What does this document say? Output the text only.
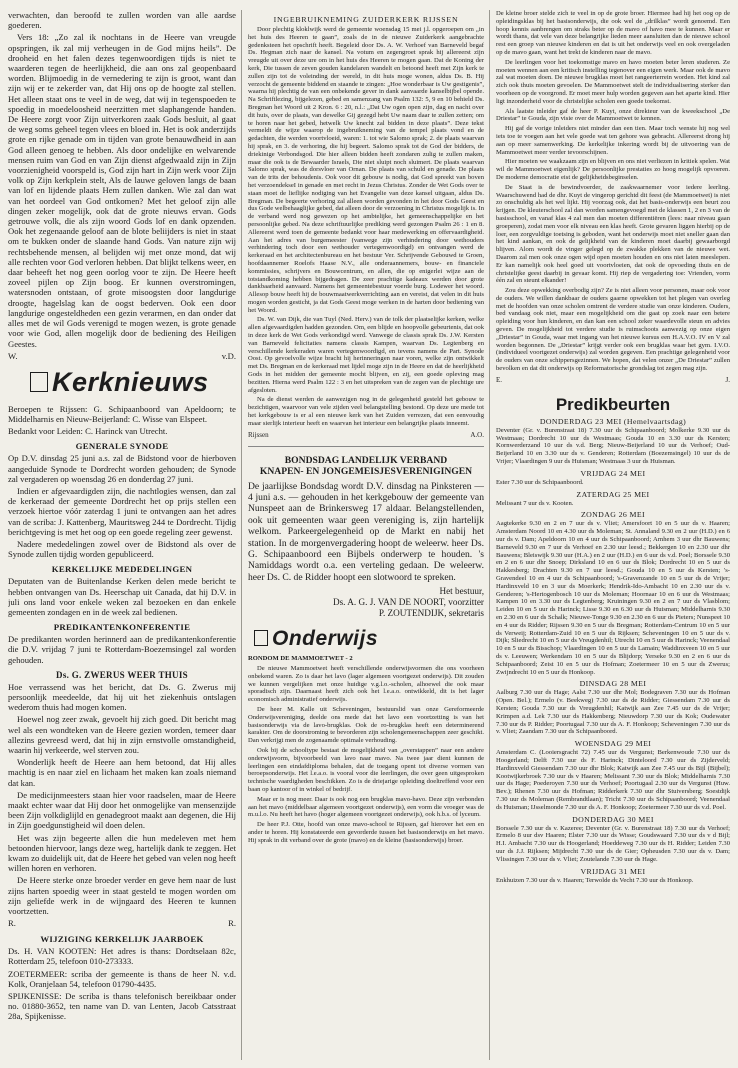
verwachten, dan beroofd te zullen worden van alle aardse goederen.

Vers 18: „Zo zal ik nochtans in de Heere van vreugde opspringen, ik zal mij verheugen in de God mijns heils”. De drooheid en het falen dezes tegenwoordigen tijds is niet te waarderen tegen de heerlijkheid, die aan ons zal geopenbaard worden. Blijmoedig in de vernedering te zijn is groot, want dan zijn wij er te zekerder van, dat Hij ons op de hoogte zal stellen. Het alleen staat ons te veel in de weg, dat wij in tegenspoeden te spoedig in moedeloosheid neerzitten met slaphangende handen. De Heere zorgt voor Zijn uitverkoren zaak Gods besluit, al gaat de weg soms geheel tegen vlees en bloed in. Het is ook anderzijds grote en rijke genade om in tijden van grote benauwdheid in aan God alleen genoeg te hebben. Als door ondelijke en welvarende mensen ruim van God en van Zijn dienst afgedwaald zijn in Zijn voorzienigheid voorspeld is, God zijn hart in Zijn werk voor Zijn volk op Zijn kerkplein stelt, Als de lauwe geloven langs de baan van lof en lijdende plaats Hem zullen danken. Wie zal dan wat van het oordeel van God ontkomen? Met het geloof zijn alle dingen zeker mogelijk, ook dat de grote nieuws ervan. Gods getrouwe volk, die als zijn woord Gods lof en dank opzenden. Ook het zegenaande geloof aan de blote beliijders is niet in staat om te bukken onder de slaande hand Gods. Van nature zijn wij rechtsbehende mensen, al belijden wij met onze mond, dat wij alle rechten voor God verloren hebben. Dat blijkt telkens weer, en daar beheeft het nog geen oorlog voor te zijn. De Heere heeft zoveel pijlen op Zijn boog. Er kunnen overstromingen, watersnoden ontstaan, of grote misoogsten door langdurige droogte, hagelslag kan de oogst bederven. Ook een door langdurige ongesteldheden een gezin verarmen, en dan onder dat alles met de wil Gods verenigd te mogen wezen, is grote genade voor wie God, allen mogelijk door de bediening des Heiligen Geestes.

W.	v.D.
Kerknieuws

Beroepen te Rijssen: G. Schipaanboord van Apeldoorn; te Middelharnis en Nieuw-Beijerland: C. Wisse van Elspeet.

Bedankt voor Leiden: C. Harinck van Utrecht.

GENERALE SYNODE

Op D.V. dinsdag 25 juni a.s. zal de Bidstond voor de hierboven aangeduide Synode te Dordrecht worden gehouden; de Synode zal vergaderen op woensdag 26 en donderdag 27 juni.

Indien er afgevaardigden zijn, die nachtlogies wensen, dan zal de kerkeraad der gemeente Dordrecht het op prijs stellen een verzoek hiertoe vóór zaterdag 1 juni te ontvangen aan het adres van de scriba: J. Kattenberg, Mauritsweg 244 te Dordrecht. Tijdig berichtgeving is met het oog op een goede regeling zeer gewenst.

Nadere mededelingen zowel over de Bidstond als over de Synode zullen tijdig worden gepubliceerd.

KERKELIJKE MEDEDELINGEN

Deputaten van de Buitenlandse Kerken delen mede bericht te hebben ontvangen van Ds. Heerschap uit Canada, dat hij D.V. in juli ons land voor enkele weken zal bezoeken en dan enkele gemeenten zondagen en in de week zal bedienen.

PREDIKANTENKONFERENTIE

De predikanten worden herinnerd aan de predikantenkonferentie die D.V. vrijdag 7 juni te Rotterdam-Boezemsingel zal worden gehouden.

Ds. G. ZWERUS WEER THUIS

Hoe verrassend was het bericht, dat Ds. G. Zwerus mij persoonlijk meedeelde, dat hij uit het ziekenhuis ontslagen wederom thuis had mogen komen.

Hoewel nog zeer zwak, gevoelt hij zich goed. Dit bericht mag wel als een wondteken van de Heere gezien worden, temeer daar allezins gevreesd werd, dat hij in zijn ernstvolle omstandigheid, waarin hij verkeerde, wel sterven zou.

Wonderlijk heeft de Heere aan hem betoond, dat Hij alles machtig is en naar ziel en lichaam het maken kan zoals niemand dat kan.

De medicijnmeesters staan hier voor raadselen, maar de Heere maakt echter waar dat Hij door het onmogelijke van mensenzijde been Zijn volkdiglijld en genadegroot maakt aan degenen, die Hij in Zijn goedgunstigheid wil doen delen.

Het was zijn begeerte allen die hun medeleven met hem betoonden hiervoor, langs deze weg, hartelijk dank te zeggen. Het kwam zo duidelijk uit, dat de Heere het gebed van velen nog heeft willen horen en verhoren.

De Heere sterke onze broeder verder en geve hem naar de lust zijns harten spoedig weer in staat gesteld te mogen worden om zijn geliefde werk in de wijngaard des Heeren te kunnen voortzetten.

R.	R.
WIJZIGING KERKELIJK JAARBOEK

Ds. H. VAN KOOTEN: Het adres is thans: Dordtselaan 82c, Rotterdam 25, telefoon 010-273333.

ZOETERMEER: scriba der gemeente is thans de heer N. v.d. Kolk, Oranjelaan 54, telefoon 01790-4435.

SPIJKENISSE: De scriba is thans telefonisch bereikbaar onder no. 01880-3652, ten name van D. van Lenten, Jacob Catsstraat 28a, Spijkenisse.

INGEBRUIKNEMING ZUIDERKERK RIJSSEN

Door plechtig kloklwijk werd de gemeente woensdag 15 mei j.l. opgeroepen om „in het huis des Heeren te gaan”, zoals de in de nieuwe Zuiderkerk aangebrachte gedenksteen het opschrift heeft. Begeleid door Ds. A. W. Verhoef van Barneveld begaf Ds. Hegman zich naar de kansel. Na votum en zegengroet sprak hij allereerst zijn vreugde uit over deze ure om in het huis des Heeren te mogen gaan. Dat de Koning der kerk, Die tussen de zeven gouden kandelaren wandelt en betoond heeft met Zijn kerk te zullen zijn tot de voleinding der wereld, in dit huis moge wonen, aldus Ds. B. Hij verzocht de gemeente biddend en staande te zingen: „Hoe wonderbaar is Uw gestigenis”, waarna hij plechtig de van een onbekende gever in dank aanvaarde kanselbijbel opende. Na Schriftlezing, bijgelezen, gebed en samenzang van Psalm 132: 5, 9 en 10 behield Ds. Bregman het Woord uit 2 Kron. 6 : 20, n.l.: „Dat Uw ogen open zijn, dag en nacht over dit huis, over de plaats, van dewelke Gij gezegd hebt Uw naam daar te zullen zetten; om te horen naar het gebed, hetwelk Uw knecht zal bidden in deze plaats”. Deze tekst vermeldt de wijze waarop de ingebruikneming van de tempel plaats vond en de gedachten, die werden voortvloeid, waren: 1. tot wie Salomo sprak; 2. de plaats waarvan hij sprak, en 3. de verhoring, die hij begeert. Salomo sprak tot de God der bidders, de driekinige Verbondsgod. Die hier alleen bidden heeft zondaren zulig te zullen maken, maar die ook is de Bewaarder Israels, Die niet sluipt noch sluimert. De plaats waarvan Salomo sprak, was de dorsvloer van Ornan. De plaats van schuld en genade. De plaats van de trits der behoudenis. Ook voor dit gebouw is nodig, dat God spreekt van boven het verzoendekseI in genade en met recht in Jezus Christus. Zonder de Wet Gods over te staan moet de lieflijke nodiging van het Evangelie van deze kansel uitgaan, aldus Ds. Bregman. De begeerte verhoring zal alleen worden gevonden in het door Gods Geest en dus Gode welbehaaglijke gebed, dat alleen door de verzoening in Christus mogelijk is. In de verband werd nog gewezen op het ambtelijke, het gemeenschappelijke en het persoonlijke gebed. Na deze schriftuurlijke prediking werd gezongen Psalm 26 : 1 en 8. Allereerst werd toen de gemeente bedankt voor haar medewerking en offervaardigheid. Aan het adres van burgemeester (vanwege zijn verhindering door wethouders verhindering toch door een wethouder vertegenwoordigd) en ontvangen werd de kerkeraad en het architectenbureau en het bestuur Ver. Schrijvende Gebouwd te Groen, hoofdaannemer Roelofs Haase N.V., alle onderaannemers, bouw- en financiele kommissies, schrijvers en Bouwcentrum, en allen, die op enigerlei wijze aan de totstandkoming hebben bijgedragen. De zeer prachtige kadeaux werden door grote dankbaarheid aanvaard. Namens het gemeentebestuur voerde burg. Lodewer het woord. Allesop bouw heeft hij de bouwmaatwerkverrichting aan en vereist, dat velen in dit huis mogen worden gesticht, ja dat Gods Geest moge werken in de harten door bediening van het Woord.

Ds. W. van Dijk, die van Tuyl (Ned. Herv.) van de tolk der plaatselijke kerken, welke allen afgevaardigden hadden gezonden. Om, een blijde en hoopvolle gebeurtenis, dat ook in deze kerk de Wet Gods verkondigd werd. Vanwege de classis sprak Ds. J.W. Kersten van Barneveld felicitaties namens classis Kampen, waarvan Ds. Legtenberg en verschillende kerkeraden waren vertegenwoordigd, en tevens namens de Part. Synode Oost. Op gevoelvolle wijze bracht hij herinneringen naar voren, welke zijn ontwikkelt met Ds. Bregman en de kerkeraad met lijdel moge zijn in de Heere en dat de heerlijkheid Gods in het midden der gemeente mocht blijven, en zij, een goede opleving mag bezitten. Hierna werd Psalm 122 : 3 en het uitspreken van de zegen van de plechtige ure afgesloten.

Na de dienst werden de aanwezigen nog in de gelegenheid gesteld het gebouw te bezichtigen, waarvoor van vele zijden veel belangstelling bestond. Op deze ure mede tot het kerkgebouw is er al een nieuwe kerk van het Zuiden verrezen, dat een eenvoudig maar sierlijk interieur heeft en waarvan het interieur een belangrijke plaats inneemt.

Rijssen	A.O.
BONDSDAG LANDELIJK VERBAND
KNAPEN- EN JONGEMEISJESVERENIGINGEN
De jaarlijkse Bondsdag wordt D.V. dinsdag na Pinksteren — 4 juni a.s. — gehouden in het kerkgebouw der gemeente van Nunspeet aan de Brinkersweg 17 aldaar. Belangstellenden, ook uit gemeenten waar geen vereniging is, zijn hartelijk welkom. Parkeergelegenheid op de Markt en nabij het station. In de morgenvergadering hoopt de weleerw. heer Ds. G. Schipaanboord een Bijbels onderwerp te houden. 's Namiddags wordt o.a. een verteling gedaan. De weleerw. heer Ds. C. de Ridder hoopt een slotwoord te spreken.
Het bestuur,
Ds. A. G. J. VAN DE NOORT, voorzitter
P. ZOUTENDIJK, sekretaris
Onderwijs
RONDOM DE MAMMOETWET - 2

De nieuwe Mammoetwet heeft verschillende onderwijsvormen die ons voorheen onbekend waren. Zo is daar het lavo (lager algemeen voortgezet onderwijs). Dit zouden we kunnen vergelijken met onze huidige v.g.l.o.-scholen, alhoewel die ook maar sporadisch zijn. Daarnaast heeft zich ook het l.e.a.o. ontwikkeld, dit is het lager economisch administratief onderwijs.

De heer M. Kalle uit Scheveningen, bestuurslid van onze Gereformeerde Onderwijsvereniging, deelde ons mede dat het lavo een voortzetting is van het basisonderwijs via de lavo-brugklas. Ook de ro-brugklas heeft een determinerend karakter. Om de doorstroming te bevorderen zijn scholengemeenschappen zeer geschikt. Dan verkrijgt men de zogenaamde optimale verhouding.

Ook bij de schooltype bestaat de mogelijkheid van „overstappen” naar een andere onderwijsvorm, bijvoorbeeld van lavo naar mavo. Na twee jaar dient kunnen de leerlingen een eindafdiploma behalen, dat de toegang opent tot diverse vormen van beroepsonderwijs. Het l.e.a.o. is vooral voor die leerlingen, die over geen uitgesproken technische vaardigheden beschikken. Zo is de driejarige opleiding doeltreffend voor een baan op kantoor of in winkel of bedrijf.

Maar er is nog meer. Daar is ook nog een brugklas mavo-havo. Deze zijn verbonden aan het mavo (middelbaar algemeen voortgezet onderwijs), een vorm die vroeger was de m.u.l.o. Nu heeft het havo (hoger algemeen voortgezet onderwijs), ook h.b.s. of lyceum.

De heer P.J. Otte, hoofd van onze mavo-school te Rijssen, gaf hierover het een en ander te horen. Hij konstateerde een gevorderde tussen het basisonderwijs en het mavo. Hij sprak in dit verband over de grote (mavo) en de kleine (basisonderwijs) broer.

De kleine broer stelde zich te veel in op de grote broer. Hiermee had hij het oog op de opleidingsklas bij het basisonderwijs, die ook wel de „drilklas” wordt genoemd. Een hoop kennis aanbrengen om straks beter op de mavo of havo mee te kunnen. Maar er wordt thans, dat vele van deze belangrijke lieden meer aansluiten dan de nieuwe school rest een groep van nieuwe kinderen en dat is uit het onderwijs veel en ook overgeladen op de mavo gaan, want het trekt de kinderen naar de mavo.

De leerlingen voor het toekomstige mavo en havo moeten beter leren studeren. Ze moeten wennen aan een kritisch instelling tegenover een eigen werk. Maar ook de mavo zal wat moeten doen. De nieuwe brugklas moet het rangeerterrein worden. Het kind zal zich ook thuis moeten gevoelen. De Mammoetwet stelt de individualisering sterker dan voorheen op de voorgrond. Er moet meer hulp worden gegeven aan het aparte kind. Hier ligt inzonderheid voor de christelijke scholen een goede toekomst.

Als laatste inleider gaf de heer P. Kuyt, onze direkteur van de kweekschool „De Driestar” te Gouda, zijn visie over de Mammoetwet te kennen.

Hij gaf de vorige inleiders niet minder dan een tien. Maar toch wenste hij nog wel iets toe te voegen aan het vele goede wat ten gehore was gebracht. Allereerst drong hij aan op meer samenwerking. De kerkelijke inkering wordt bij de uitvoering van de Mammoetwet meer verder tevoorschijnen.

Hier moeten we waakzaam zijn en blijven en ons niet verliezen in kritiek spelen. Wat wil de Mammoetwet eigenlijk? De persoonlijke prestaties zo hoog mogelijk opvoeren. De moderne democratie eist de gelijkheidsbeginselen.

De Staat is de bewindvoerder, de zaakwaarnemer voor iedere leerling. Waarschuwend had de dhr. Kuyt de vingerop gerichtd dit feest (de Mammoetwet) is niet zo onschuldig als het wel lijkt. Hij voorzag ook, dat het basis-onderwijs een beurt zou krijgen. De kleuterschool zal dan worden samengevoegd met de klassen 1, 2 en 3 van de basisschool, en vanaf klas 4 zal men dan moeten differentiëren (lees: naar niveau gaan groeperen), zodat men voor elk niveau een klas heeft. Grote gevaren liggen hierbij op de loer, een zorgvuldige toetsing is geboden, want het onderwijs moet niet sneller gaan dan het kind aankan, en ook de gelijkheid van de kinderen moet daarbij gewaarborgd blijven. Alom wordt de vinger gelegd op de zwakke plekken van de nieuwe wet. Daarom zal men ook onze ogen wijd open moeten houden en ons niet laten meeslepen. Er kan namelijk ook heel goed uit voortvloeien, dat ook de opvoeding thuis en de christelijke geest daarbij in gevaar komt. Hij riep de vergadering toe: Vrienden, vorm één zal en steunt elkander!

Zou deze opwekking overbodig zijn? Ze is niet alleen voor personen, maar ook voor de ouders. We willen dankbaar de ouders gaarne opwekken tot het plegen van overleg met de hoofden van onze scholen omtrent de verdere studie van onze kinderen. Ouders, bed vandaag ook niet, maar een mogelijkheid om die gaat op zoek naar een betere opleiding voor hun kinderen, en dan kan een school zeker waardevolle steun en advies geven. De mogelijkheid tot verdere studie is ruimschoots aanwezig op onze eigen „Driestar” in Gouda, waar met ingang van het nieuwe kursus een H.A.V.O. IV en V zal worden begonnen. De „Driestar” krijgt verder ook een brugklas waar het gym. I.V.O. (individueel voortgezet onderwijs) zal worden gegeven. Een prachtige gelegenheid voor de ouders van onze schippersgezinnen. We hopen, dat velen onzer „De Driestar” zullen bevolken en dat dit onderwijs op Reformatorische grondslag tot zegen mag zijn.

E.	J.
Predikbeurten
DONDERDAG 23 MEI (Hemelvaartsdag)
Deventer (Gr. v. Burenstraat 18) 7.30 uur ds Schipaanboord; Molkerke 9.30 uur ds Westmaas; Dordrecht 10 uur ds Westmaas; Gouda 10 en 3.30 uur ds Kersten; Kornwerderzand 10 uur ds v.d. Berg; Nieuw-Beijerland 10 uur ds Verhoef; Oud-Beijerland 10 en 3.30 uur ds v. Genderen; Rotterdam (Boezemsingel) 10 uur ds de Vrijer; Vlaardingen 9 uur ds Huisman; Westmaas 3 uur ds Huisman.
VRIJDAG 24 MEI
Ester 7.30 uur ds Schipaanboord.
ZATERDAG 25 MEI
Melissant 7 uur ds v. Kooten.
ZONDAG 26 MEI
Aagtekerke 9.30 en 2 en 7 uur ds v. Vliet; Amersfoort 10 en 5 uur ds v. Haaren; Amsterdam Noord 10 en 4.30 uur ds Moleman; St. Annaland 9.30 en 2 uur (H.D.) en 6 uur ds v. Dam; Apeldoorn 10 en 4 uur ds Schipaanboord; Arnhem 3 uur dhr Bauwens; Barneveld 9.30 en 7 uur ds Verhoef en 2.30 uur leesd.; Bekkergen 10 en 2.30 uur dhr Bauwens; Bleiswijk 9.30 uur (H.A.) en 2 uur (H.D.) en 6 uur ds v.d. Poel; Borssele 9.30 en 2 en 6 uur dhr Snoep; Dirksland 10 en 6 uur ds Blok; Dordrecht 10 en 5 uur ds Hakkesberg; Drachten 9.30 en 7 uur leesd.; Gouda 10 en 5 uur ds Kersten; 's-Gravendeel 10 en 4 uur ds Schipaanboord; 's-Gravenzande 10 en 5 uur ds de Vrijer; Hardinxveld 10 en 3 uur ds Moerkerk; Hendrik-Ido-Ambacht 10 en 2.30 uur ds v. Genderen; 's-Hertogenbosch 10 uur ds Moleman; Hoornaar 10 en 6 uur ds Westmaas; Kampen 10 en 3.30 uur ds Legtenberg; Kruiningen 9.30 en 2 en 7 uur ds Vlasblom; Leiden 10 en 5 uur ds Harinck; Lisse 9.30 en 6.30 uur ds Huisman; Middelharnis 9.30 en 2.30 en 6 uur ds Schalk; Nieuwe-Tonge 9.30 en 2.30 en 6 uur ds Pieters; Nunspeet 10 en 4 uur ds Ridder; Rijssen 9.30 en 5 uur ds Bregman; Rotterdam-Centrum 10 en 5 uur ds Verweij; Rotterdam-Zuid 10 en 5 uur ds Rijksen; Scheveningen 10 en 5 uur ds v. Dijk; Sliedrecht 10 en 5 uur ds Vreugdenhil; Utrecht 10 en 5 uur ds Harinck; Veenendaal 10 en 5 uur ds Bisschop; Vlaardingen 10 en 5 uur ds Lamain; Waddinxveen 10 en 5 uur ds v. Leeuwen; Werkendam 10 en 5 uur ds Blijdorp; Yerseke 9.30 en 2 en 6 uur ds Schipaanboord; Zeist 10 en 5 uur ds Hofman; Zoetermeer 10 en 5 uur ds Zwerus; Zwijndrecht 10 en 5 uur ds Honkoop.
DINSDAG 28 MEI
Aalburg 7.30 uur ds Hage; Aalst 7.30 uur dhr Mol; Bodegraven 7.30 uur ds Hofman (Open. Bel.); Ermelo (v. Beekweg) 7.30 uur ds de Ridder; Giessendam 7.30 uur ds Kersten; Gouda 7.30 uur ds Vreugdenhil; Katwijk aan Zee 7.45 uur ds de Vrijer; Krimpen a.d. Lek 7.30 uur ds Hakkenberg; Nieuwdorp 7.30 uur ds Kok; Oudewater 7.30 uur ds P. Ridder; Poortugaal 7.30 uur ds A. F. Honkoop; Scheveningen 7.30 uur ds v. Vliet; Zaandam 7.30 uur ds Schipaanboord.
WOENSDAG 29 MEI
Amsterdam C. (Looiersgracht 72) 7.45 uur ds Vergunst; Berkenwoude 7.30 uur ds Hoogerland; Delft 7.30 uur ds F. Harinck; Dinteloord 7.30 uur ds Zijderveld; Hardinxveld Giessendam 7.30 uur dhr Blok; Katwijk aan Zee 7.45 uur ds Bijl (Bijbel); Kootwijkerbroek 7.30 uur ds v Haaren; Melissant 7.30 uur ds Blok; Middelharnis 7.30 uur ds Hage; Poederoyen 7.30 uur ds Verhoef; Poortugaal 2.30 uur ds Vergunst (Huw. Bev.); Rhenen 7.30 uur ds Hofman; Ridderkerk 7.30 uur dhr Stuiversberg; Soestdijk 7.30 uur ds Moleman (Rembrandtlaan); Tricht 7.30 uur ds Schipaanboord; Veenendaal ds Huisman; IJsselmonde 7.30 uur ds A. F. Honkoop; Zoetermeer 7.30 uur ds v.d. Poel.
DONDERDAG 30 MEI
Borssele 7.30 uur ds v. Kazeree; Deventer (Gr. v. Burenstraat 18) 7.30 uur ds Verhoef; Ermelo 8 uur dsv Haaren; Elster 7.30 uur ds Wisse; Goudswaard 7.30 uur ds v d Bijl; H.I. Ambacht 7.30 uur ds Hoogerland; Hoeddeweg 7.30 uur ds H. Ridder; Leiden 7.30 uur ds J.J. Rijksen; Mijdrecht 7.30 uur ds de Gier; Opheusden 7.30 uur ds v. Dam; Vlissingen 7.30 uur ds v. Vliet; Zoutelande 7.30 uur ds Hage.
VRIJDAG 31 MEI
Enkhuizen 7.30 uur ds v. Haaren; Terwolde ds Vecht 7.30 uur ds Honkoop.
